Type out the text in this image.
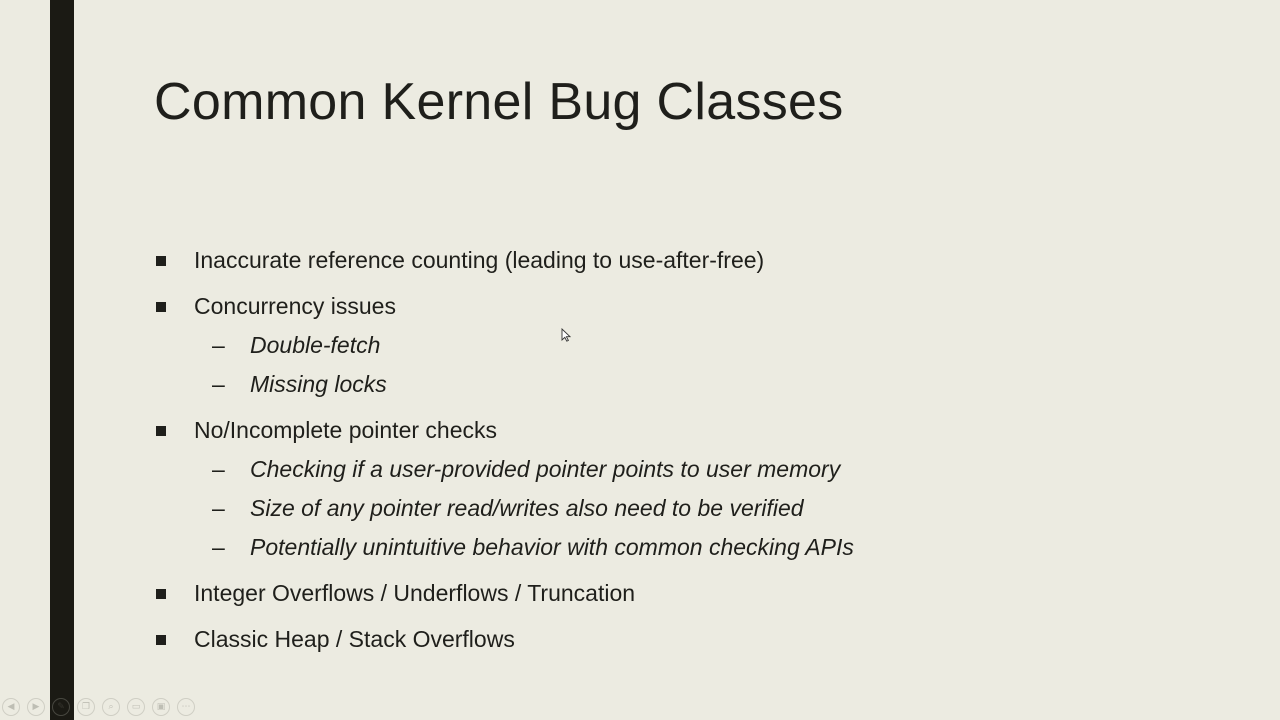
Common Kernel Bug Classes
Inaccurate reference counting (leading to use-after-free)
Concurrency issues
– Double-fetch
– Missing locks
No/Incomplete pointer checks
– Checking if a user-provided pointer points to user memory
– Size of any pointer read/writes also need to be verified
– Potentially unintuitive behavior with common checking APIs
Integer Overflows / Underflows / Truncation
Classic Heap / Stack Overflows
◀	▶	✎	❐	⌕	▭	▣	⋯
